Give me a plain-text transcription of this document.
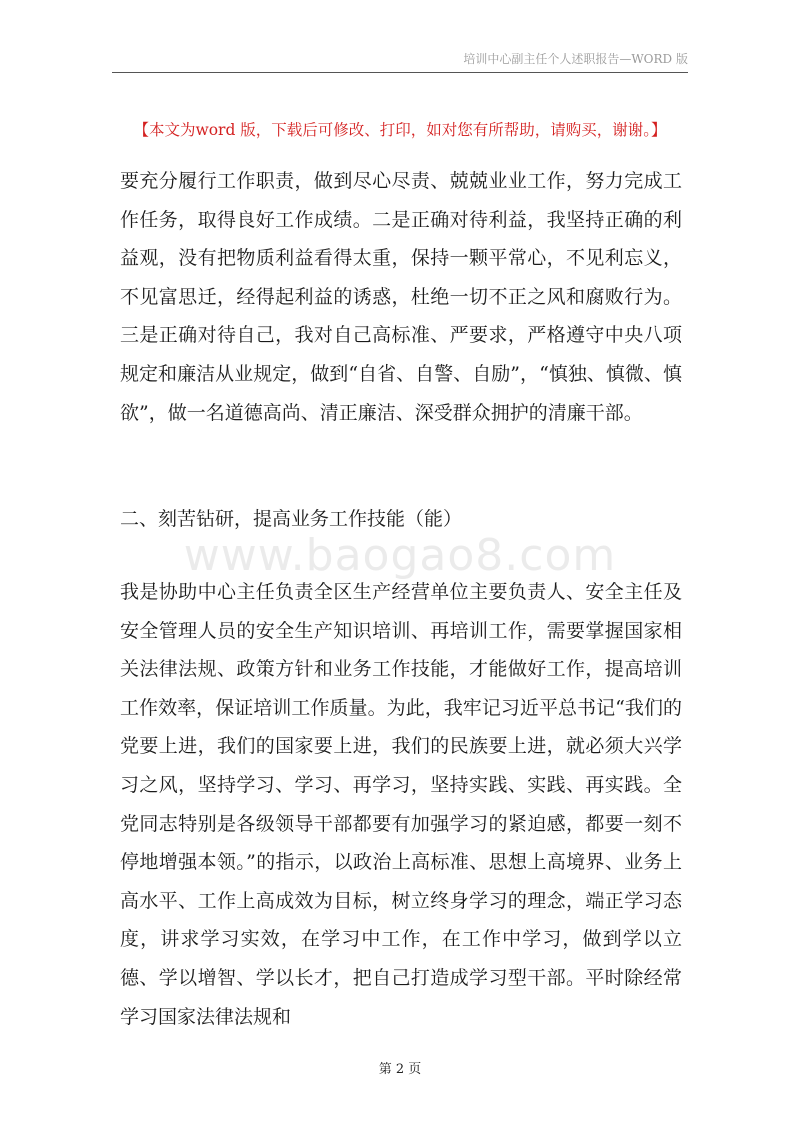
培训中心副主任个人述职报告—WORD 版
【本文为word 版，下载后可修改、打印，如对您有所帮助，请购买，谢谢。】

要充分履行工作职责，做到尽心尽责、兢兢业业工作，努力完成工作任务，取得良好工作成绩。二是正确对待利益，我坚持正确的利益观，没有把物质利益看得太重，保持一颗平常心，不见利忘义，不见富思迁，经得起利益的诱惑，杜绝一切不正之风和腐败行为。三是正确对待自己，我对自己高标准、严要求，严格遵守中央八项规定和廉洁从业规定，做到“自省、自警、自励”，“慎独、慎微、慎欲”，做一名道德高尚、清正廉洁、深受群众拥护的清廉干部。

二、刻苦钻研，提高业务工作技能（能）

www.baogao8.com

我是协助中心主任负责全区生产经营单位主要负责人、安全主任及安全管理人员的安全生产知识培训、再培训工作，需要掌握国家相关法律法规、政策方针和业务工作技能，才能做好工作，提高培训工作效率，保证培训工作质量。为此，我牢记习近平总书记“我们的党要上进，我们的国家要上进，我们的民族要上进，就必须大兴学习之风，坚持学习、学习、再学习，坚持实践、实践、再实践。全党同志特别是各级领导干部都要有加强学习的紧迫感，都要一刻不停地增强本领。”的指示，以政治上高标准、思想上高境界、业务上高水平、工作上高成效为目标，树立终身学习的理念，端正学习态度，讲求学习实效，在学习中工作，在工作中学习，做到学以立德、学以增智、学以长才，把自己打造成学习型干部。平时除经常学习国家法律法规和

第 2 页
